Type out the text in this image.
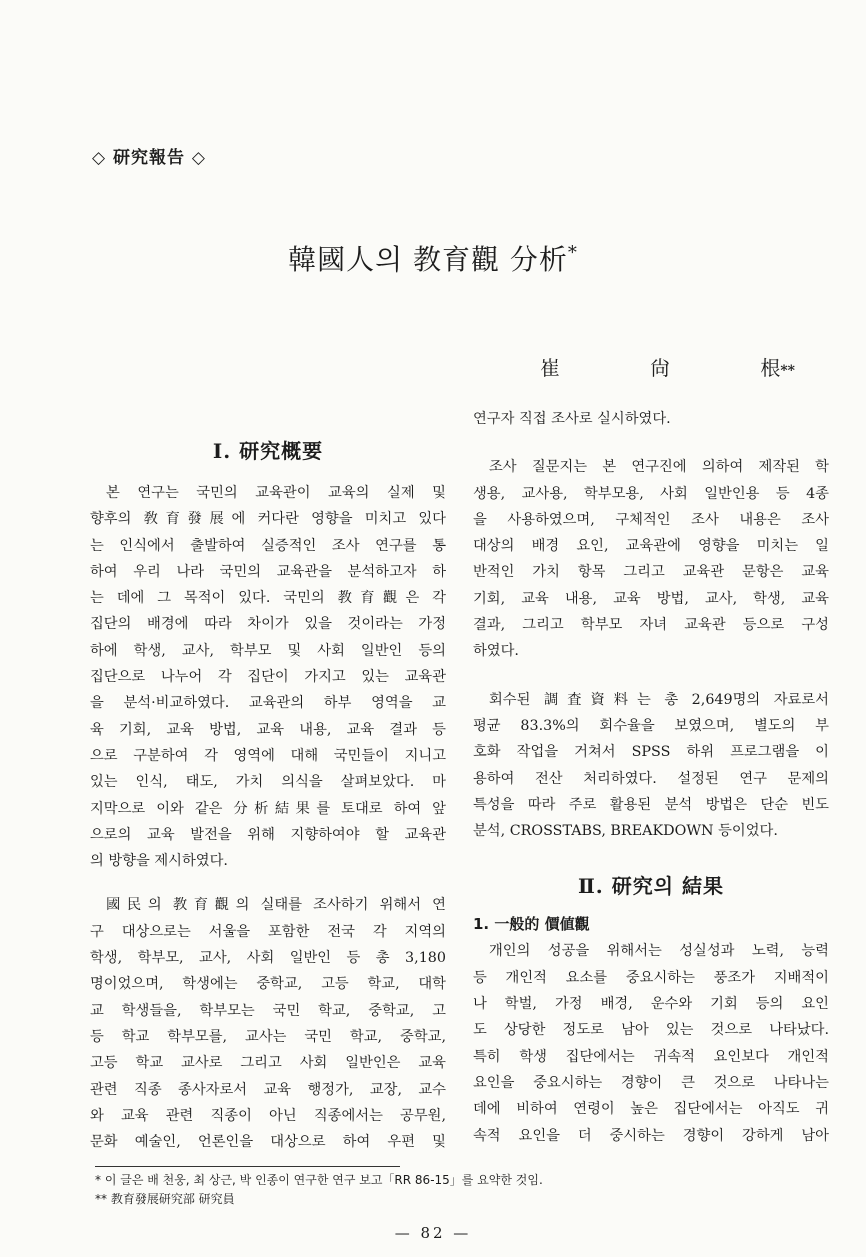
◇ 研究報告 ◇
韓國人의 教育觀 分析*
崔	尙	根**
Ⅰ. 研究概要
본 연구는 국민의 교육관이 교육의 실제 및
향후의 敎育發展에 커다란 영향을 미치고 있다
는 인식에서 출발하여 실증적인 조사 연구를 통
하여 우리 나라 국민의 교육관을 분석하고자 하
는 데에 그 목적이 있다. 국민의 教育觀은 각
집단의 배경에 따라 차이가 있을 것이라는 가정
하에 학생, 교사, 학부모 및 사회 일반인 등의
집단으로 나누어 각 집단이 가지고 있는 교육관
을 분석·비교하였다. 교육관의 하부 영역을 교
육 기회, 교육 방법, 교육 내용, 교육 결과 등
으로 구분하여 각 영역에 대해 국민들이 지니고
있는 인식, 태도, 가치 의식을 살펴보았다. 마
지막으로 이와 같은 分析結果를 토대로 하여 앞
으로의 교육 발전을 위해 지향하여야 할 교육관
의 방향을 제시하였다.
國民의 教育觀의 실태를 조사하기 위해서 연
구 대상으로는 서울을 포함한 전국 각 지역의
학생, 학부모, 교사, 사회 일반인 등 총 3,180
명이었으며, 학생에는 중학교, 고등 학교, 대학
교 학생들을, 학부모는 국민 학교, 중학교, 고
등 학교 학부모를, 교사는 국민 학교, 중학교,
고등 학교 교사로 그리고 사회 일반인은 교육
관련 직종 종사자로서 교육 행정가, 교장, 교수
와 교육 관련 직종이 아닌 직종에서는 공무원,
문화 예술인, 언론인을 대상으로 하여 우편 및
연구자 직접 조사로 실시하였다.
조사 질문지는 본 연구진에 의하여 제작된 학
생용, 교사용, 학부모용, 사회 일반인용 등 4종
을 사용하였으며, 구체적인 조사 내용은 조사
대상의 배경 요인, 교육관에 영향을 미치는 일
반적인 가치 항목 그리고 교육관 문항은 교육
기회, 교육 내용, 교육 방법, 교사, 학생, 교육
결과, 그리고 학부모 자녀 교육관 등으로 구성
하였다.
회수된 調査資料는 총 2,649명의 자료로서
평균 83.3%의 회수율을 보였으며, 별도의 부
호화 작업을 거쳐서 SPSS 하위 프로그램을 이
용하여 전산 처리하였다. 설정된 연구 문제의
특성을 따라 주로 활용된 분석 방법은 단순 빈도
분석, CROSSTABS, BREAKDOWN 등이었다.
Ⅱ. 研究의 結果
1. 一般的 價値觀
개인의 성공을 위해서는 성실성과 노력, 능력
등 개인적 요소를 중요시하는 풍조가 지배적이
나 학벌, 가정 배경, 운수와 기회 등의 요인
도 상당한 정도로 남아 있는 것으로 나타났다.
특히 학생 집단에서는 귀속적 요인보다 개인적
요인을 중요시하는 경향이 큰 것으로 나타나는
데에 비하여 연령이 높은 집단에서는 아직도 귀
속적 요인을 더 중시하는 경향이 강하게 남아
* 이 글은 배 천웅, 최 상근, 박 인종이 연구한 연구 보고「RR 86-15」를 요약한 것임.
** 教育發展研究部 研究員
— 82 —
